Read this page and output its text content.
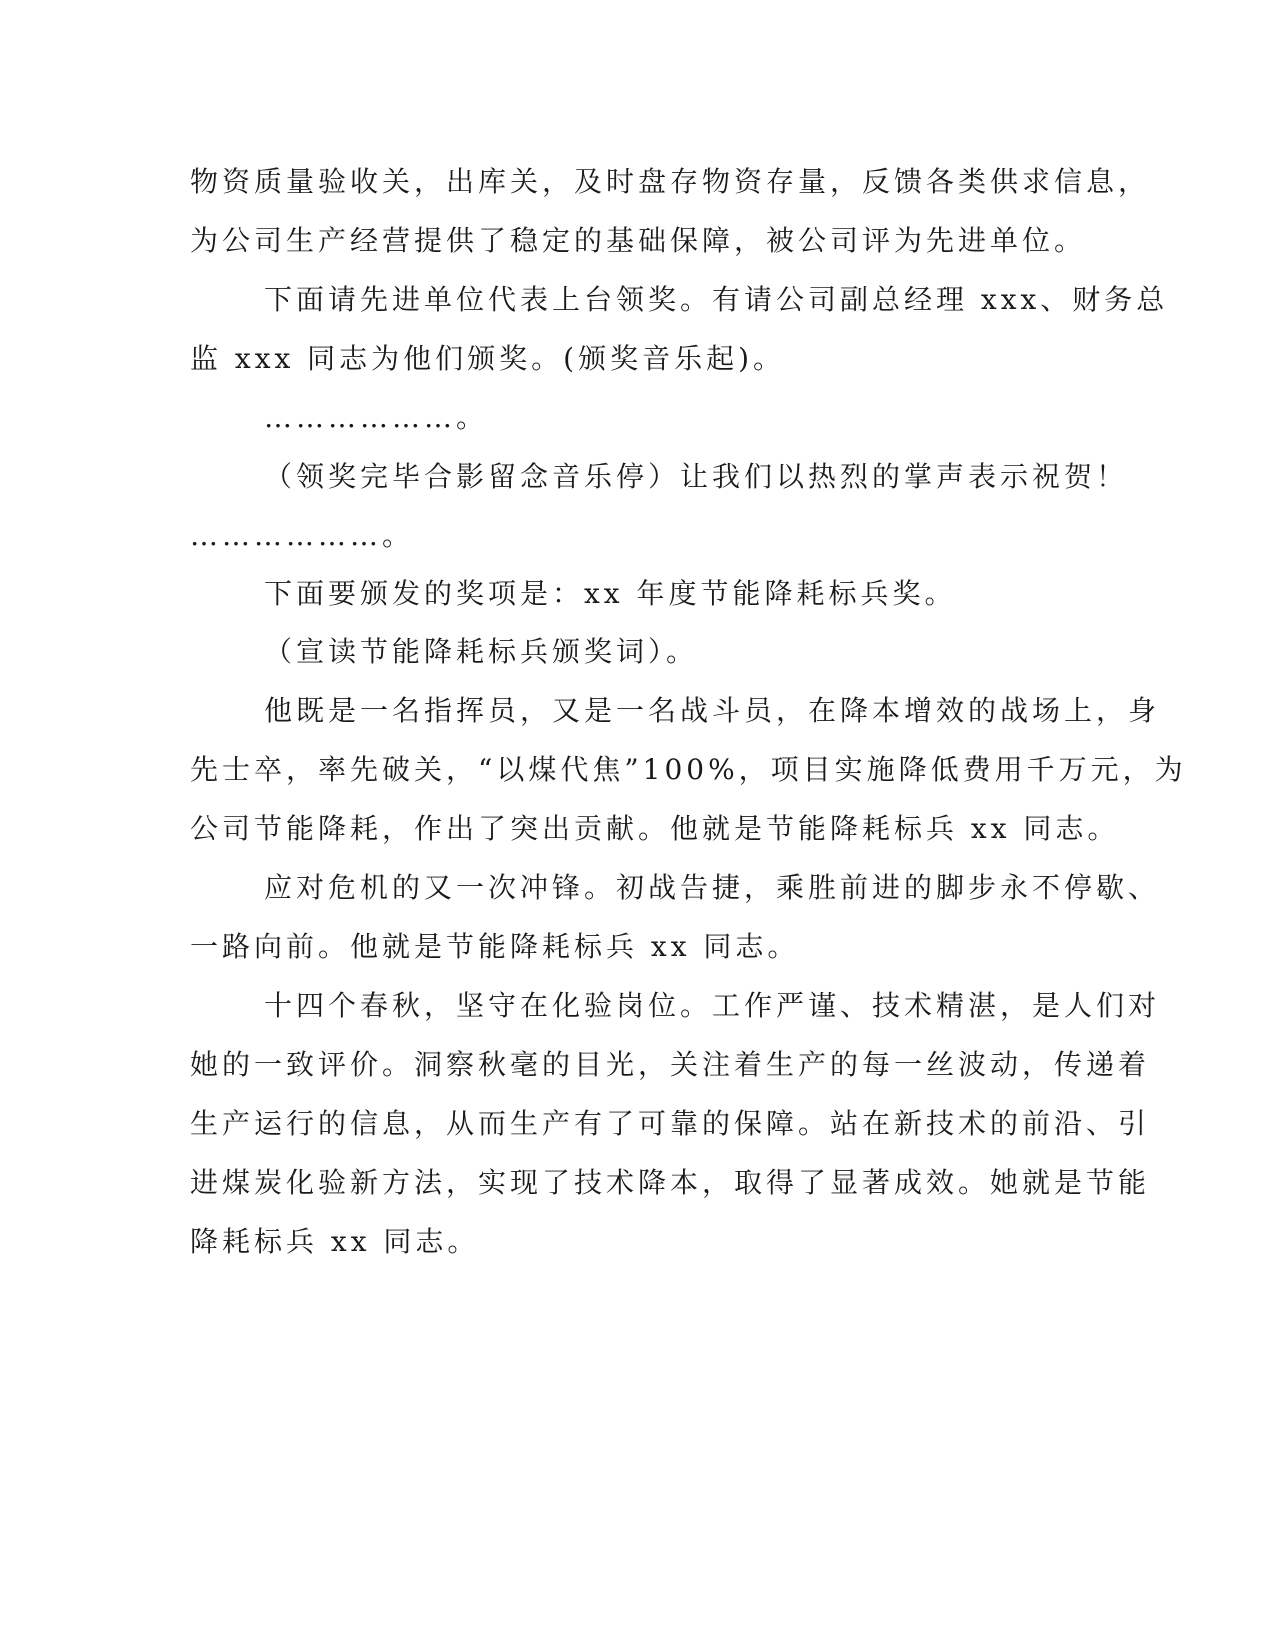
物资质量验收关，出库关，及时盘存物资存量，反馈各类供求信息，
为公司生产经营提供了稳定的基础保障，被公司评为先进单位。
下面请先进单位代表上台领奖。有请公司副总经理 xxx、财务总
监 xxx 同志为他们颁奖。(颁奖音乐起)。
………………。
（领奖完毕合影留念音乐停）让我们以热烈的掌声表示祝贺！
………………。
下面要颁发的奖项是：xx 年度节能降耗标兵奖。
（宣读节能降耗标兵颁奖词）。
他既是一名指挥员，又是一名战斗员，在降本增效的战场上，身
先士卒，率先破关，“以煤代焦”100%，项目实施降低费用千万元，为
公司节能降耗，作出了突出贡献。他就是节能降耗标兵 xx 同志。
应对危机的又一次冲锋。初战告捷，乘胜前进的脚步永不停歇、
一路向前。他就是节能降耗标兵 xx 同志。
十四个春秋，坚守在化验岗位。工作严谨、技术精湛，是人们对
她的一致评价。洞察秋毫的目光，关注着生产的每一丝波动，传递着
生产运行的信息，从而生产有了可靠的保障。站在新技术的前沿、引
进煤炭化验新方法，实现了技术降本，取得了显著成效。她就是节能
降耗标兵 xx 同志。
